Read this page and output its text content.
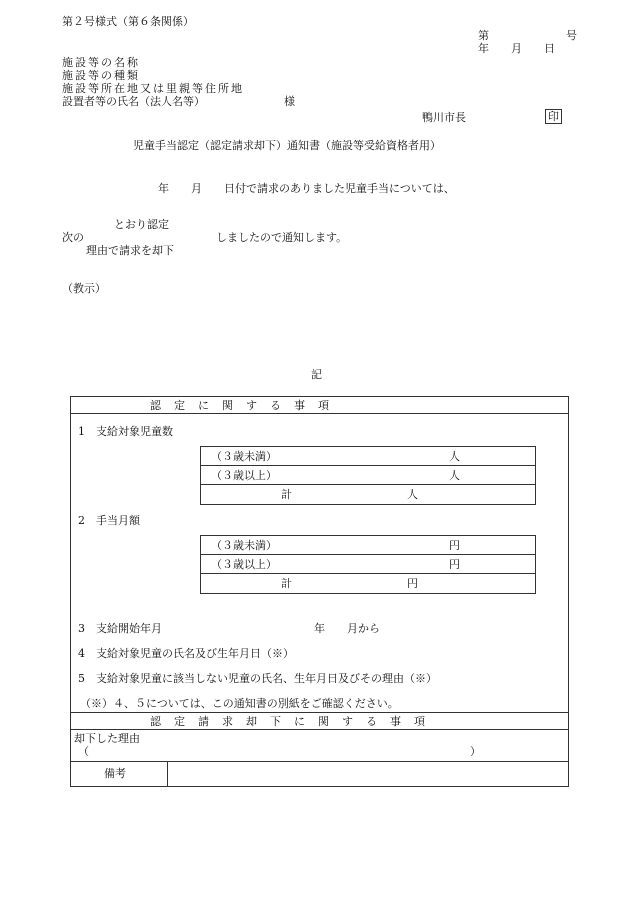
第２号様式（第６条関係）
第　　　　　　　号
年　　月　　日
施設等の名称
施設等の種類
施設等所在地又は里親等住所地
設置者等の氏名（法人名等）	様
鴨川市長	印
児童手当認定（認定請求却下）通知書（施設等受給資格者用）
年　　月　　日付で請求のありました児童手当については、
とおり認定
次の	しましたので通知します。
理由で請求を却下
（教示）
記
認　定　に　関　す　る　事　項
1　支給対象児童数
（３歳未満）	人
（３歳以上）	人
計	人
2　手当月額
（３歳未満）	円
（３歳以上）	円
計	円
3　支給開始年月	年　　月から
4　支給対象児童の氏名及び生年月日（※）
5　支給対象児童に該当しない児童の氏名、生年月日及びその理由（※）
（※）４、５については、この通知書の別紙をご確認ください。
認　定　請　求　却　下　に　関　す　る　事　項
却下した理由
（	）
備考
